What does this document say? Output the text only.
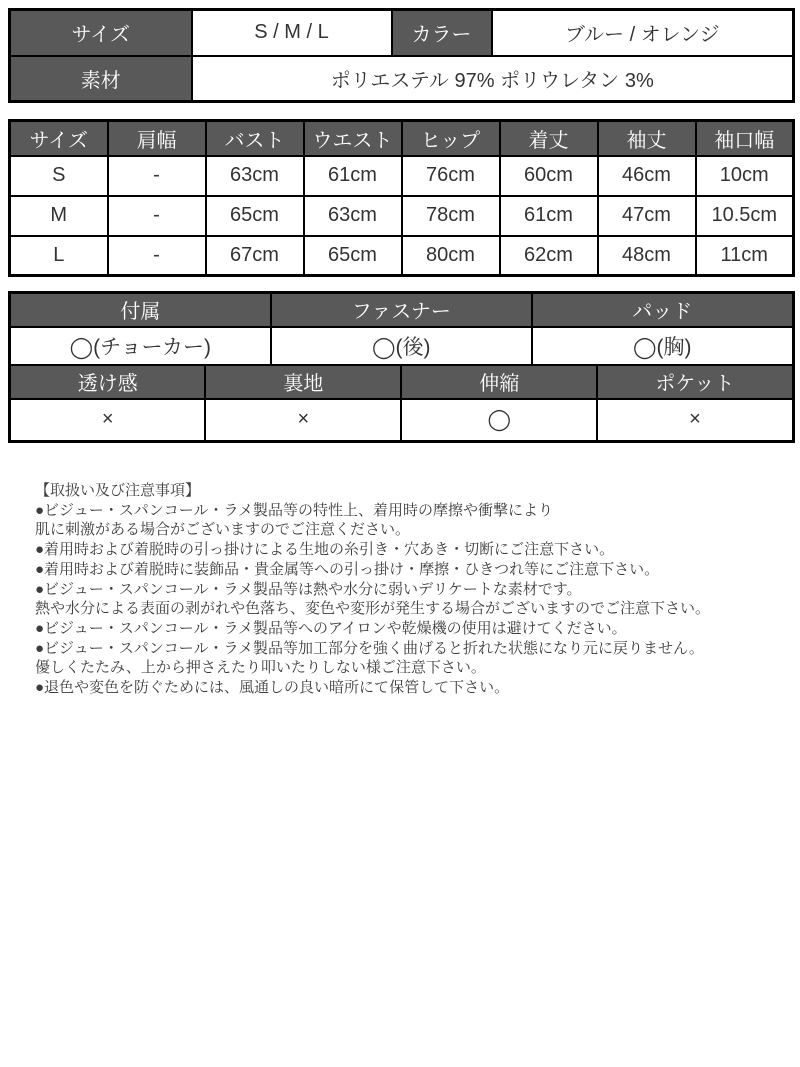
サイズ	S / M / L	カラー	ブルー / オレンジ
素材	ポリエステル 97% ポリウレタン 3%		
サイズ	肩幅	バスト	ウエスト	ヒップ	着丈	袖丈	袖口幅
S	-	63cm	61cm	76cm	60cm	46cm	10cm
M	-	65cm	63cm	78cm	61cm	47cm	10.5cm
L	-	67cm	65cm	80cm	62cm	48cm	11cm
付属		ファスナー		パッド	
◯(チョーカー)		◯(後)		◯(胸)	
透け感	裏地		伸縮		ポケット
×	×		◯		×
【取扱い及び注意事項】
●ビジュー・スパンコール・ラメ製品等の特性上、着用時の摩擦や衝撃により
肌に刺激がある場合がございますのでご注意ください。
●着用時および着脱時の引っ掛けによる生地の糸引き・穴あき・切断にご注意下さい。
●着用時および着脱時に装飾品・貴金属等への引っ掛け・摩擦・ひきつれ等にご注意下さい。
●ビジュー・スパンコール・ラメ製品等は熱や水分に弱いデリケートな素材です。
熱や水分による表面の剥がれや色落ち、変色や変形が発生する場合がございますのでご注意下さい。
●ビジュー・スパンコール・ラメ製品等へのアイロンや乾燥機の使用は避けてください。
●ビジュー・スパンコール・ラメ製品等加工部分を強く曲げると折れた状態になり元に戻りません。
優しくたたみ、上から押さえたり叩いたりしない様ご注意下さい。
●退色や変色を防ぐためには、風通しの良い暗所にて保管して下さい。
